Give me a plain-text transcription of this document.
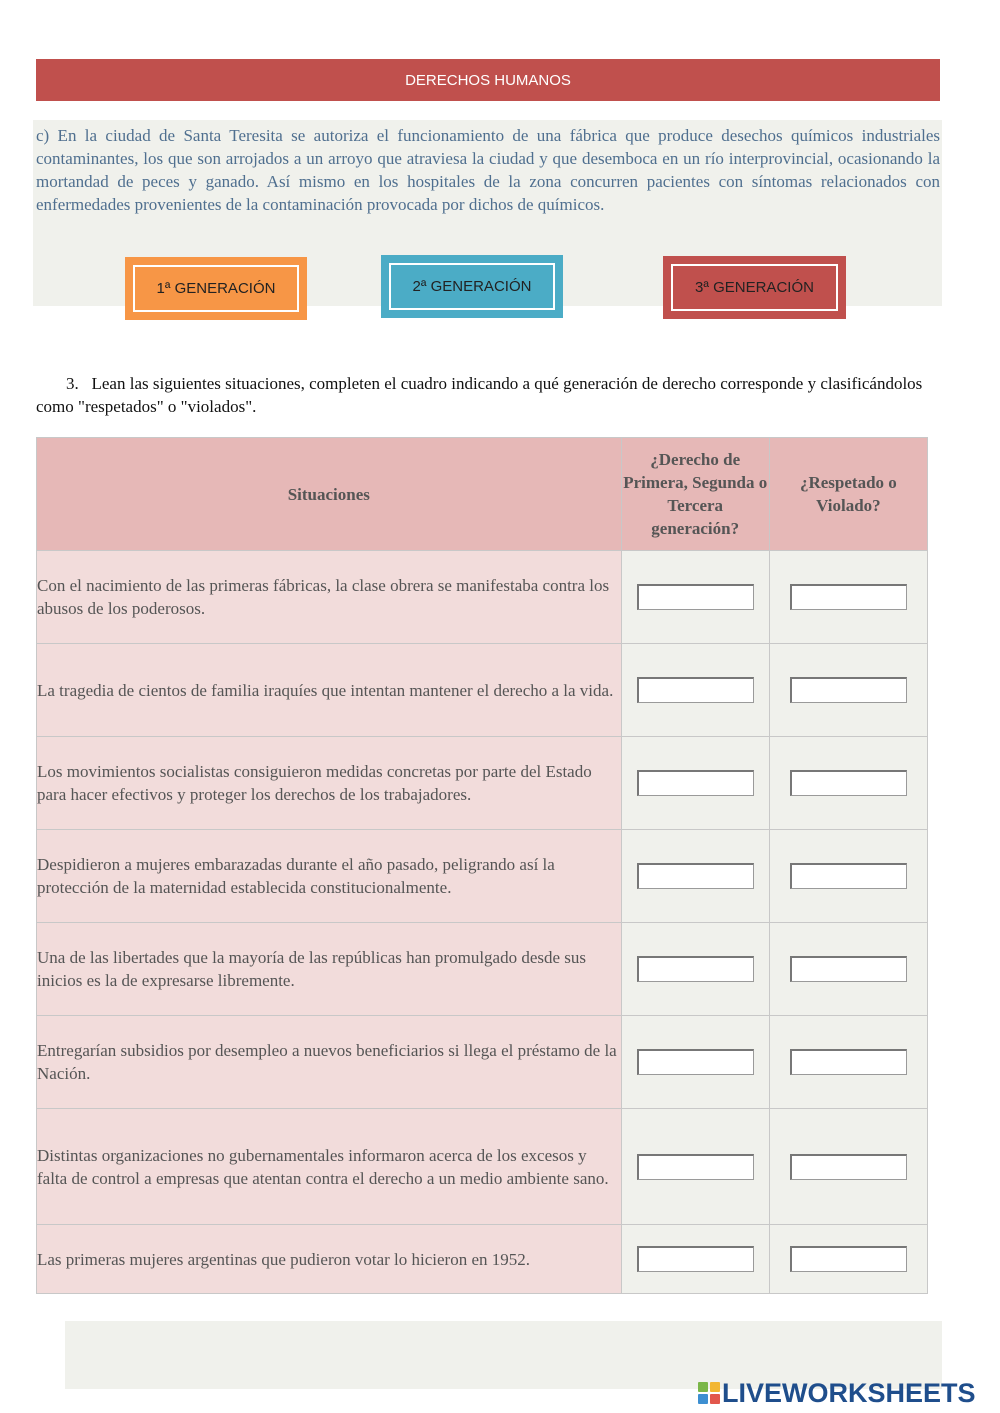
DERECHOS HUMANOS

c) En la ciudad de Santa Teresita se autoriza el funcionamiento de una fábrica que produce desechos químicos industriales contaminantes, los que son arrojados a un arroyo que atraviesa la ciudad y que desemboca en un río interprovincial, ocasionando la mortandad de peces y ganado. Así mismo en los hospitales de la zona concurren pacientes con síntomas relacionados con enfermedades provenientes de la contaminación provocada por dichos de químicos.

1ª GENERACIÓN	2ª GENERACIÓN	3ª GENERACIÓN

3. Lean las siguientes situaciones, completen el cuadro indicando a qué generación de derecho corresponde y clasificándolos como "respetados" o "violados".

Situaciones	¿Derecho de Primera, Segunda o Tercera generación?	¿Respetado o Violado?
Con el nacimiento de las primeras fábricas, la clase obrera se manifestaba contra los abusos de los poderosos.		
La tragedia de cientos de familia iraquíes que intentan mantener el derecho a la vida.		
Los movimientos socialistas consiguieron medidas concretas por parte del Estado para hacer efectivos y proteger los derechos de los trabajadores.		
Despidieron a mujeres embarazadas durante el año pasado, peligrando así la protección de la maternidad establecida constitucionalmente.		
Una de las libertades que la mayoría de las repúblicas han promulgado desde sus inicios es la de expresarse libremente.		
Entregarían subsidios por desempleo a nuevos beneficiarios si llega el préstamo de la Nación.		
Distintas organizaciones no gubernamentales informaron acerca de los excesos y falta de control a empresas que atentan contra el derecho a un medio ambiente sano.		
Las primeras mujeres argentinas que pudieron votar lo hicieron en 1952.		
LIVEWORKSHEETS
